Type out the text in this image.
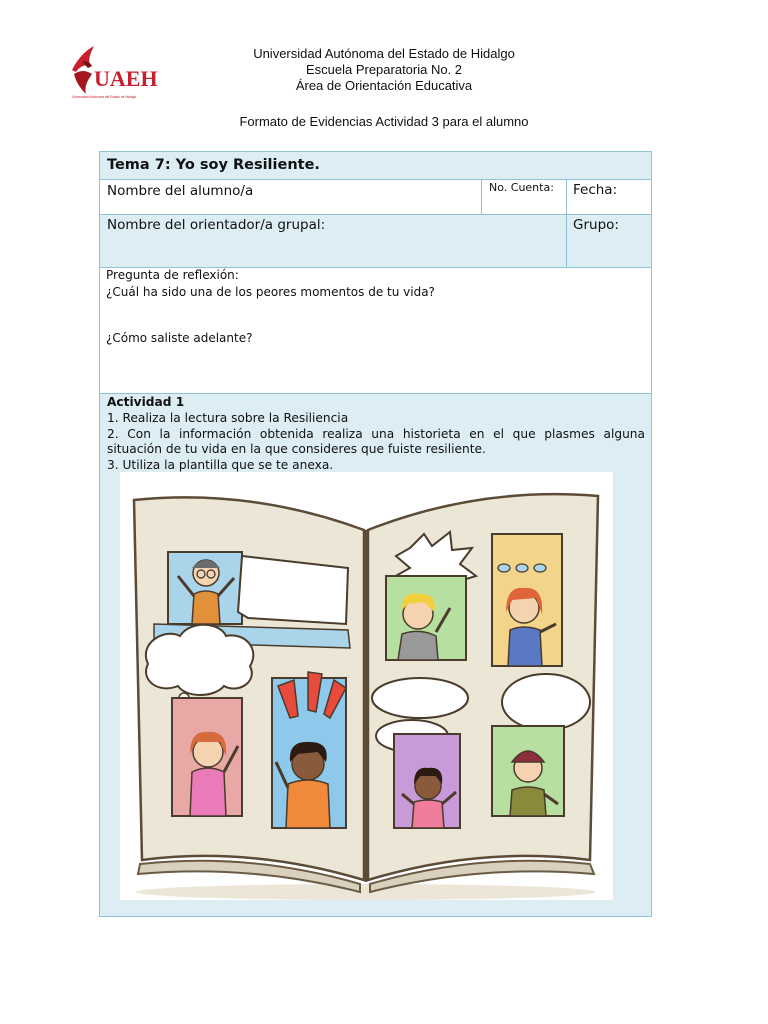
UAEH
Universidad Autónoma del Estado de Hidalgo
Universidad Autónoma del Estado de Hidalgo
Escuela Preparatoria No. 2
Área de Orientación Educativa
Formato de Evidencias Actividad 3 para el alumno
Tema 7: Yo soy Resiliente.
Nombre del alumno/a	No. Cuenta: Fecha:
Nombre del orientador/a grupal:	Grupo:
Pregunta de reflexión:
¿Cuál ha sido una de los peores momentos de tu vida?
¿Cómo saliste adelante?
Actividad 1
1. Realiza la lectura sobre la Resiliencia
2. Con la información obtenida realiza una historieta en el que plasmes alguna situación de tu vida en la que consideres que fuiste resiliente.
3. Utiliza la plantilla que se te anexa.
